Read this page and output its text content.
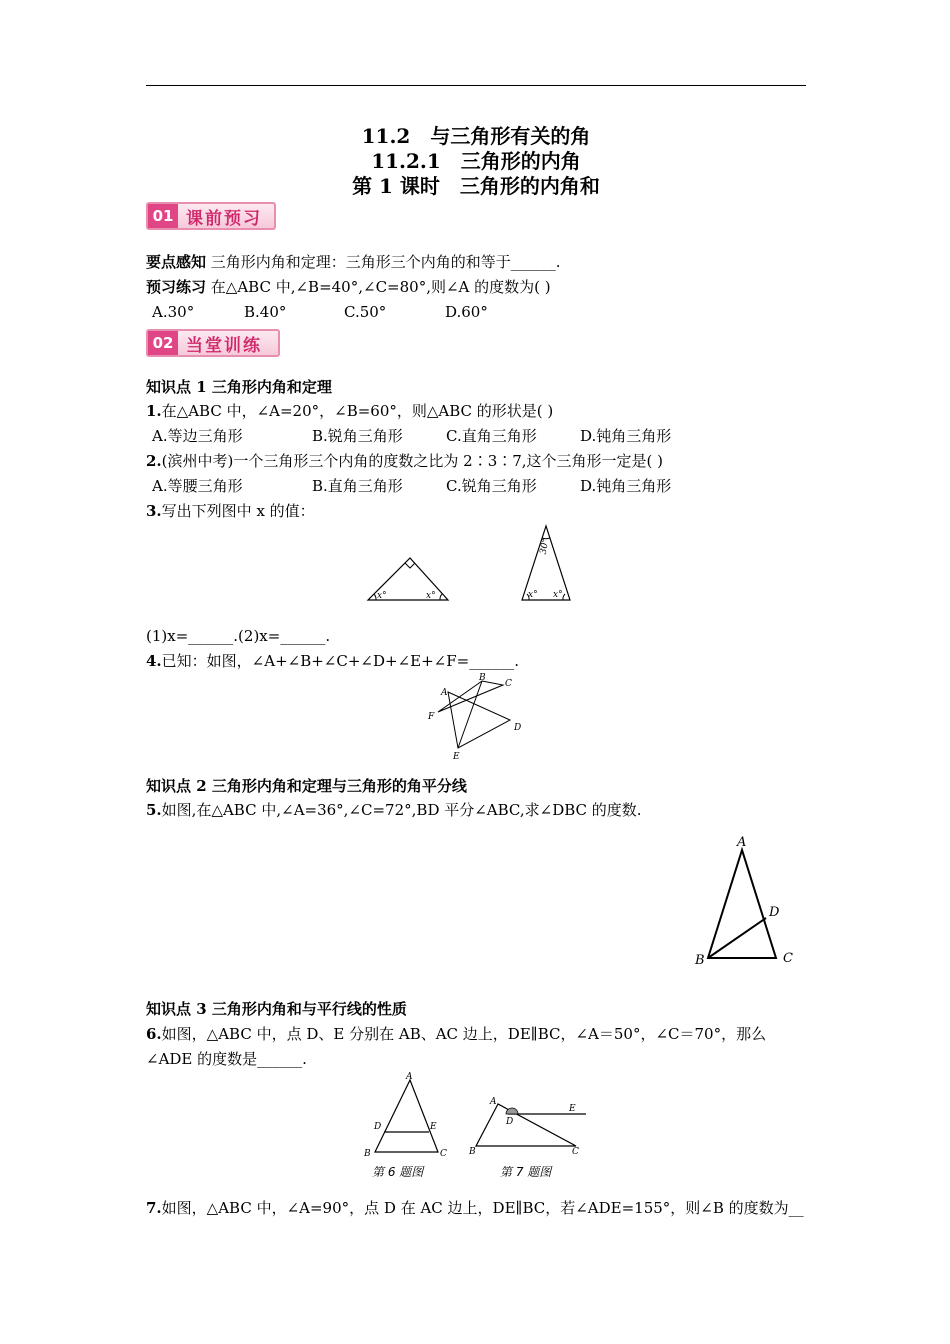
11.2　与三角形有关的角
11.2.1　三角形的内角
第 1 课时　三角形的内角和
01 课前预习
要点感知 三角形内角和定理：三角形三个内角的和等于______.
预习练习 在△ABC 中,∠B=40°,∠C=80°,则∠A 的度数为( )
A.30°	B.40°	C.50°	D.60°
02 当堂训练
知识点 1 三角形内角和定理
1.在△ABC 中，∠A=20°，∠B=60°，则△ABC 的形状是( )
A.等边三角形	B.锐角三角形	C.直角三角形	D.钝角三角形
2.(滨州中考)一个三角形三个内角的度数之比为 2∶3∶7,这个三角形一定是( )
A.等腰三角形	B.直角三角形	C.锐角三角形	D.钝角三角形
3.写出下列图中 x 的值：
x°	x°
30°
x° x°
(1)x=______.(2)x=______.
4.已知：如图，∠A+∠B+∠C+∠D+∠E+∠F=______.
A
B
C
D
E
F
知识点 2 三角形内角和定理与三角形的角平分线
5.如图,在△ABC 中,∠A=36°,∠C=72°,BD 平分∠ABC,求∠DBC 的度数.
A
B	C
D
知识点 3 三角形内角和与平行线的性质
6.如图，△ABC 中，点 D、E 分别在 AB、AC 边上，DE∥BC，∠A＝50°，∠C＝70°，那么
∠ADE 的度数是______.
A
B	C
D	E
第 6 题图
A
B	C
D
E
第 7 题图
7.如图，△ABC 中，∠A=90°，点 D 在 AC 边上，DE∥BC，若∠ADE=155°，则∠B 的度数为__
